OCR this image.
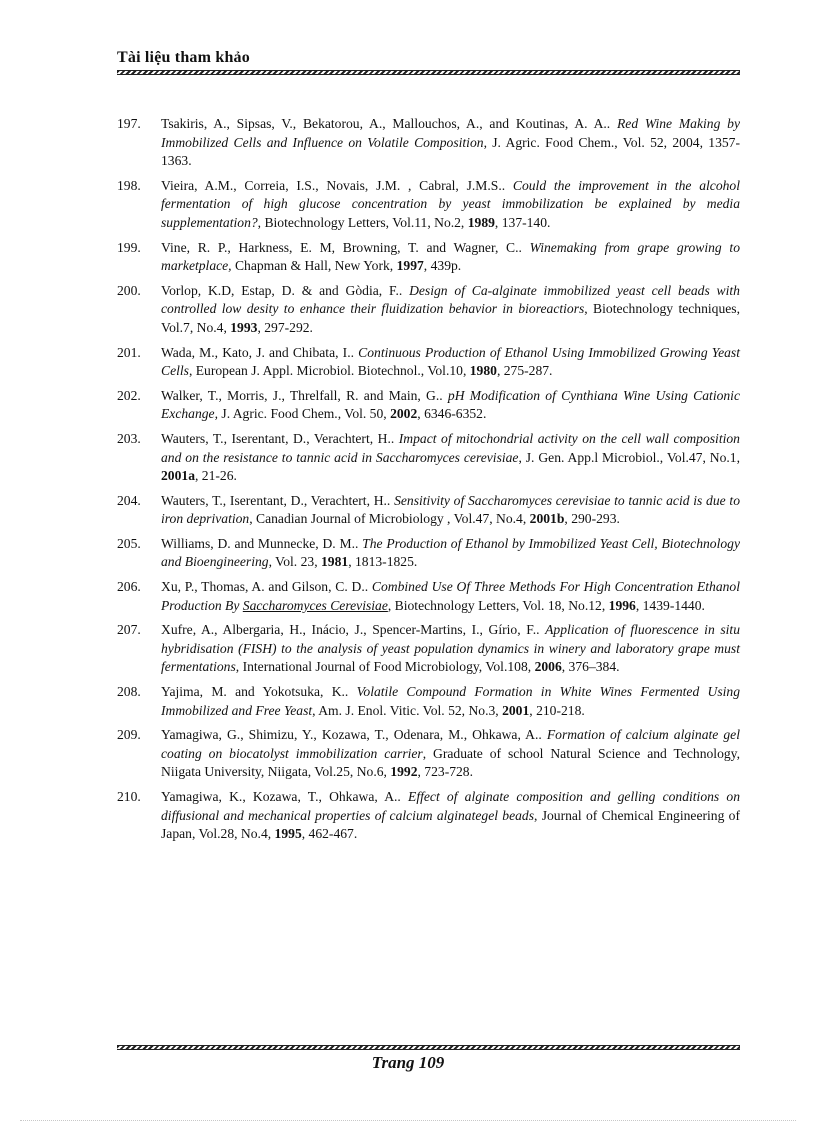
Tài liệu tham khảo
197.	Tsakiris, A., Sipsas, V., Bekatorou, A., Mallouchos, A., and Koutinas, A. A.. Red Wine Making by Immobilized Cells and Influence on Volatile Composition, J. Agric. Food Chem., Vol. 52, 2004, 1357-1363.
198.	Vieira, A.M., Correia, I.S., Novais, J.M. , Cabral, J.M.S.. Could the improvement in the alcohol fermentation of high glucose concentration by yeast immobilization be explained by media supplementation?, Biotechnology Letters, Vol.11, No.2, 1989, 137-140.
199.	Vine, R. P., Harkness, E. M, Browning, T. and Wagner, C.. Winemaking from grape growing to marketplace, Chapman & Hall, New York, 1997, 439p.
200.	Vorlop, K.D, Estap, D. & and Gòdia, F.. Design of Ca-alginate immobilized yeast cell beads with controlled low desity to enhance their fluidization behavior in bioreactiors, Biotechnology techniques, Vol.7, No.4, 1993, 297-292.
201.	Wada, M., Kato, J. and Chibata, I.. Continuous Production of Ethanol Using Immobilized Growing Yeast Cells, European J. Appl. Microbiol. Biotechnol., Vol.10, 1980, 275-287.
202.	Walker, T., Morris, J., Threlfall, R. and Main, G.. pH Modification of Cynthiana Wine Using Cationic Exchange, J. Agric. Food Chem., Vol. 50, 2002, 6346-6352.
203.	Wauters, T., Iserentant, D., Verachtert, H.. Impact of mitochondrial activity on the cell wall composition and on the resistance to tannic acid in Saccharomyces cerevisiae, J. Gen. App.l Microbiol., Vol.47, No.1, 2001a, 21-26.
204.	Wauters, T., Iserentant, D., Verachtert, H.. Sensitivity of Saccharomyces cerevisiae to tannic acid is due to iron deprivation, Canadian Journal of Microbiology , Vol.47, No.4, 2001b, 290-293.
205.	Williams, D. and Munnecke, D. M.. The Production of Ethanol by Immobilized Yeast Cell, Biotechnology and Bioengineering, Vol. 23, 1981, 1813-1825.
206.	Xu, P., Thomas, A. and Gilson, C. D.. Combined Use Of Three Methods For High Concentration Ethanol Production By Saccharomyces Cerevisiae, Biotechnology Letters, Vol. 18, No.12, 1996, 1439-1440.
207.	Xufre, A., Albergaria, H., Inácio, J., Spencer-Martins, I., Gírio, F.. Application of fluorescence in situ hybridisation (FISH) to the analysis of yeast population dynamics in winery and laboratory grape must fermentations, International Journal of Food Microbiology, Vol.108, 2006, 376–384.
208.	Yajima, M. and Yokotsuka, K.. Volatile Compound Formation in White Wines Fermented Using Immobilized and Free Yeast, Am. J. Enol. Vitic. Vol. 52, No.3, 2001, 210-218.
209.	Yamagiwa, G., Shimizu, Y., Kozawa, T., Odenara, M., Ohkawa, A.. Formation of calcium alginate gel coating on biocatolyst immobilization carrier, Graduate of school Natural Science and Technology, Niigata University, Niigata, Vol.25, No.6, 1992, 723-728.
210.	Yamagiwa, K., Kozawa, T., Ohkawa, A.. Effect of alginate composition and gelling conditions on diffusional and mechanical properties of calcium alginategel beads, Journal of Chemical Engineering of Japan, Vol.28, No.4, 1995, 462-467.
Trang 109
